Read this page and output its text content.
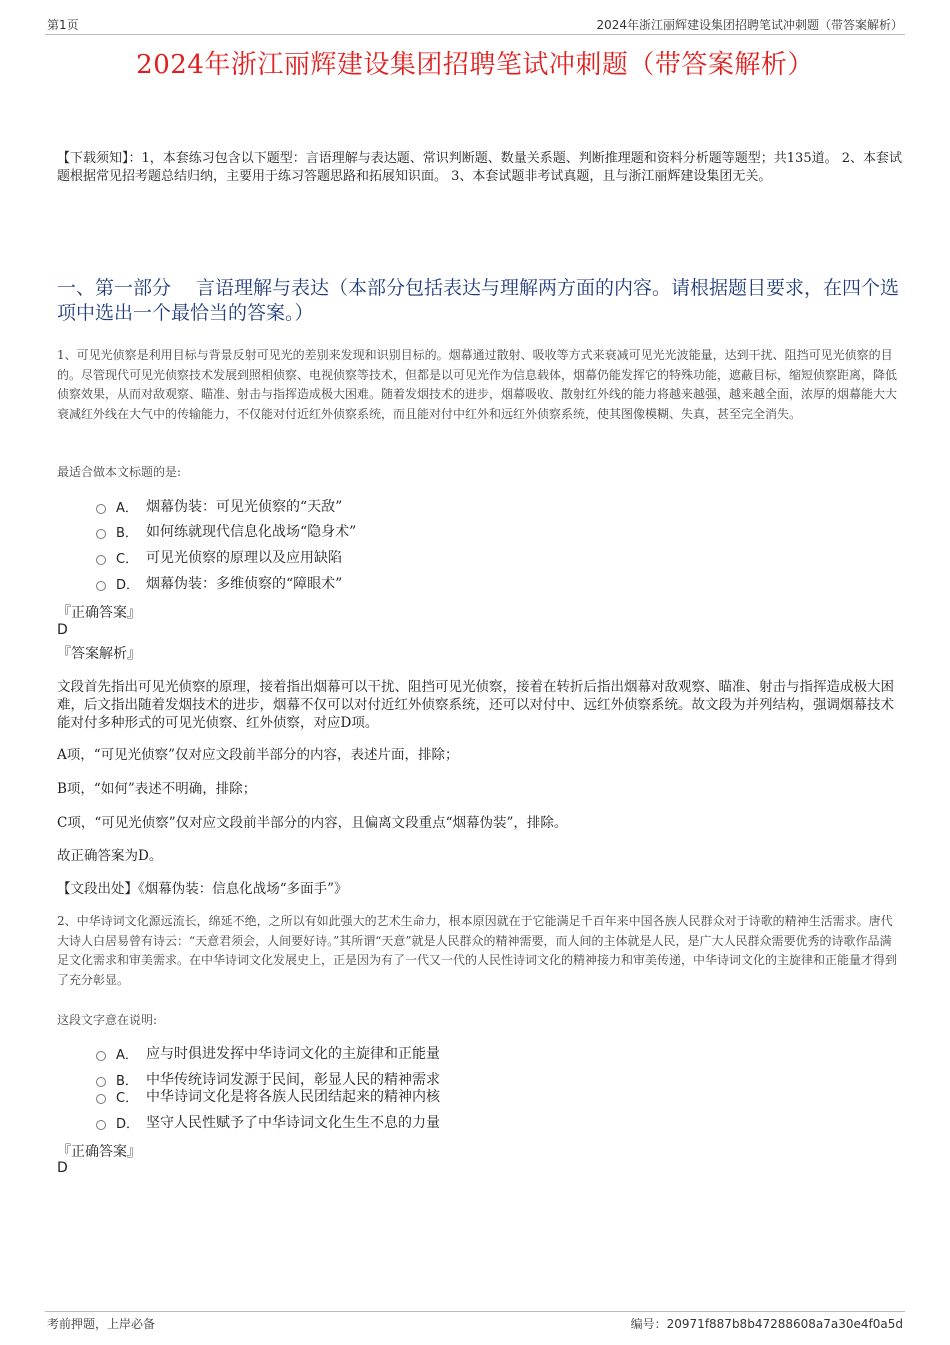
第1页	2024年浙江丽辉建设集团招聘笔试冲刺题（带答案解析）
2024年浙江丽辉建设集团招聘笔试冲刺题（带答案解析）
【下载须知】：1，本套练习包含以下题型：言语理解与表达题、常识判断题、数量关系题、判断推理题和资料分析题等题型；共135道。 2、本套试题根据常见招考题总结归纳，主要用于练习答题思路和拓展知识面。 3、本套试题非考试真题，且与浙江丽辉建设集团无关。
一、第一部分　 言语理解与表达（本部分包括表达与理解两方面的内容。请根据题目要求，在四个选项中选出一个最恰当的答案。）
1、可见光侦察是利用目标与背景反射可见光的差别来发现和识别目标的。烟幕通过散射、吸收等方式来衰减可见光光波能量，达到干扰、阻挡可见光侦察的目的。尽管现代可见光侦察技术发展到照相侦察、电视侦察等技术，但都是以可见光作为信息载体，烟幕仍能发挥它的特殊功能，遮蔽目标，缩短侦察距离，降低侦察效果，从而对敌观察、瞄准、射击与指挥造成极大困难。随着发烟技术的进步，烟幕吸收、散射红外线的能力将越来越强，越来越全面，浓厚的烟幕能大大衰减红外线在大气中的传输能力，不仅能对付近红外侦察系统，而且能对付中红外和远红外侦察系统，使其图像模糊、失真，甚至完全消失。
最适合做本文标题的是:
A． 烟幕伪装：可见光侦察的“天敌”
B． 如何练就现代信息化战场“隐身术”
C． 可见光侦察的原理以及应用缺陷
D． 烟幕伪装：多维侦察的“障眼术”
『正确答案』
D
『答案解析』
文段首先指出可见光侦察的原理，接着指出烟幕可以干扰、阻挡可见光侦察，接着在转折后指出烟幕对敌观察、瞄准、射击与指挥造成极大困难，后文指出随着发烟技术的进步，烟幕不仅可以对付近红外侦察系统，还可以对付中、远红外侦察系统。故文段为并列结构，强调烟幕技术能对付多种形式的可见光侦察、红外侦察，对应D项。
A项，“可见光侦察”仅对应文段前半部分的内容，表述片面，排除；
B项，“如何”表述不明确，排除；
C项，“可见光侦察”仅对应文段前半部分的内容，且偏离文段重点“烟幕伪装”，排除。
故正确答案为D。
【文段出处】《烟幕伪装：信息化战场“多面手”》
2、中华诗词文化源远流长，绵延不绝，之所以有如此强大的艺术生命力，根本原因就在于它能满足千百年来中国各族人民群众对于诗歌的精神生活需求。唐代大诗人白居易曾有诗云：“天意君须会，人间要好诗。”其所谓“天意”就是人民群众的精神需要，而人间的主体就是人民，是广大人民群众需要优秀的诗歌作品满足文化需求和审美需求。在中华诗词文化发展史上，正是因为有了一代又一代的人民性诗词文化的精神接力和审美传递，中华诗词文化的主旋律和正能量才得到了充分彰显。
这段文字意在说明:
A． 应与时俱进发挥中华诗词文化的主旋律和正能量
B． 中华传统诗词发源于民间，彰显人民的精神需求
C． 中华诗词文化是将各族人民团结起来的精神内核
D． 坚守人民性赋予了中华诗词文化生生不息的力量
『正确答案』
D
考前押题，上岸必备	编号：20971f887b8b47288608a7a30e4f0a5d
